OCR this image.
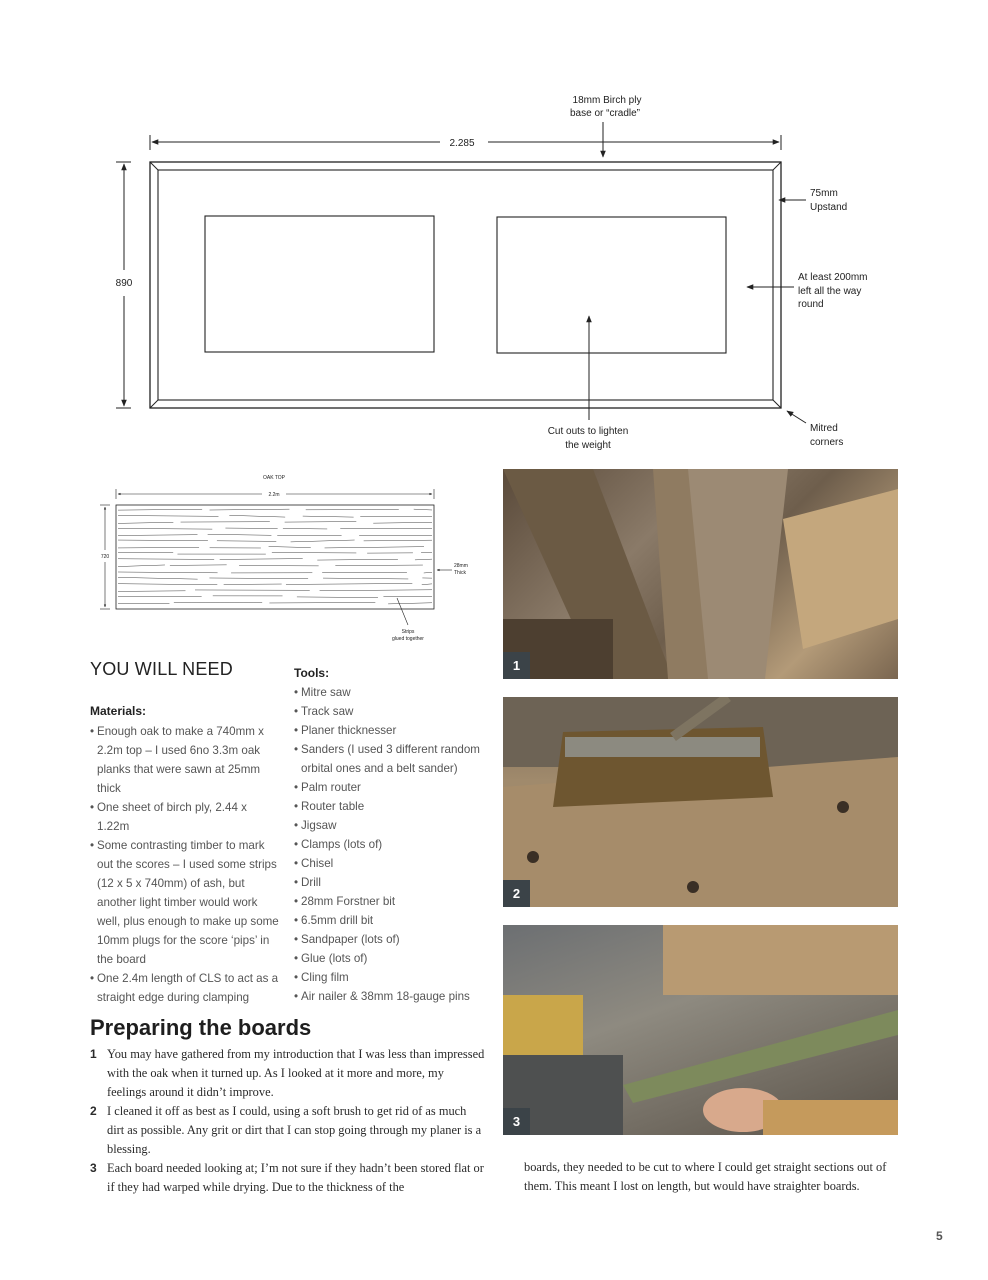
2.285
890
18mm Birch ply
base or “cradle”
75mm
Upstand
At least 200mm
left all the way
round
Cut outs to lighten
the weight
Mitred
corners
OAK TOP
2.2m
720
28mm
Thick
Strips
glued together
YOU WILL NEED
Materials:
• Enough oak to make a 740mm x 2.2m top – I used 6no 3.3m oak planks that were sawn at 25mm thick
• One sheet of birch ply, 2.44 x 1.22m
• Some contrasting timber to mark out the scores – I used some strips (12 x 5 x 740mm) of ash, but another light timber would work well, plus enough to make up some 10mm plugs for the score ‘pips’ in the board
• One 2.4m length of CLS to act as a straight edge during clamping
Tools:
• Mitre saw
• Track saw
• Planer thicknesser
• Sanders (I used 3 different random orbital ones and a belt sander)
• Palm router
• Router table
• Jigsaw
• Clamps (lots of)
• Chisel
• Drill
• 28mm Forstner bit
• 6.5mm drill bit
• Sandpaper (lots of)
• Glue (lots of)
• Cling film
• Air nailer & 38mm 18-gauge pins
Preparing the boards
1 You may have gathered from my introduction that I was less than impressed with the oak when it turned up. As I looked at it more and more, my feelings around it didn’t improve.
2 I cleaned it off as best as I could, using a soft brush to get rid of as much dirt as possible. Any grit or dirt that I can stop going through my planer is a blessing.
3 Each board needed looking at; I’m not sure if they hadn’t been stored flat or if they had warped while drying. Due to the thickness of the
boards, they needed to be cut to where I could get straight sections out of them. This meant I lost on length, but would have straighter boards.
1
2
3
5
